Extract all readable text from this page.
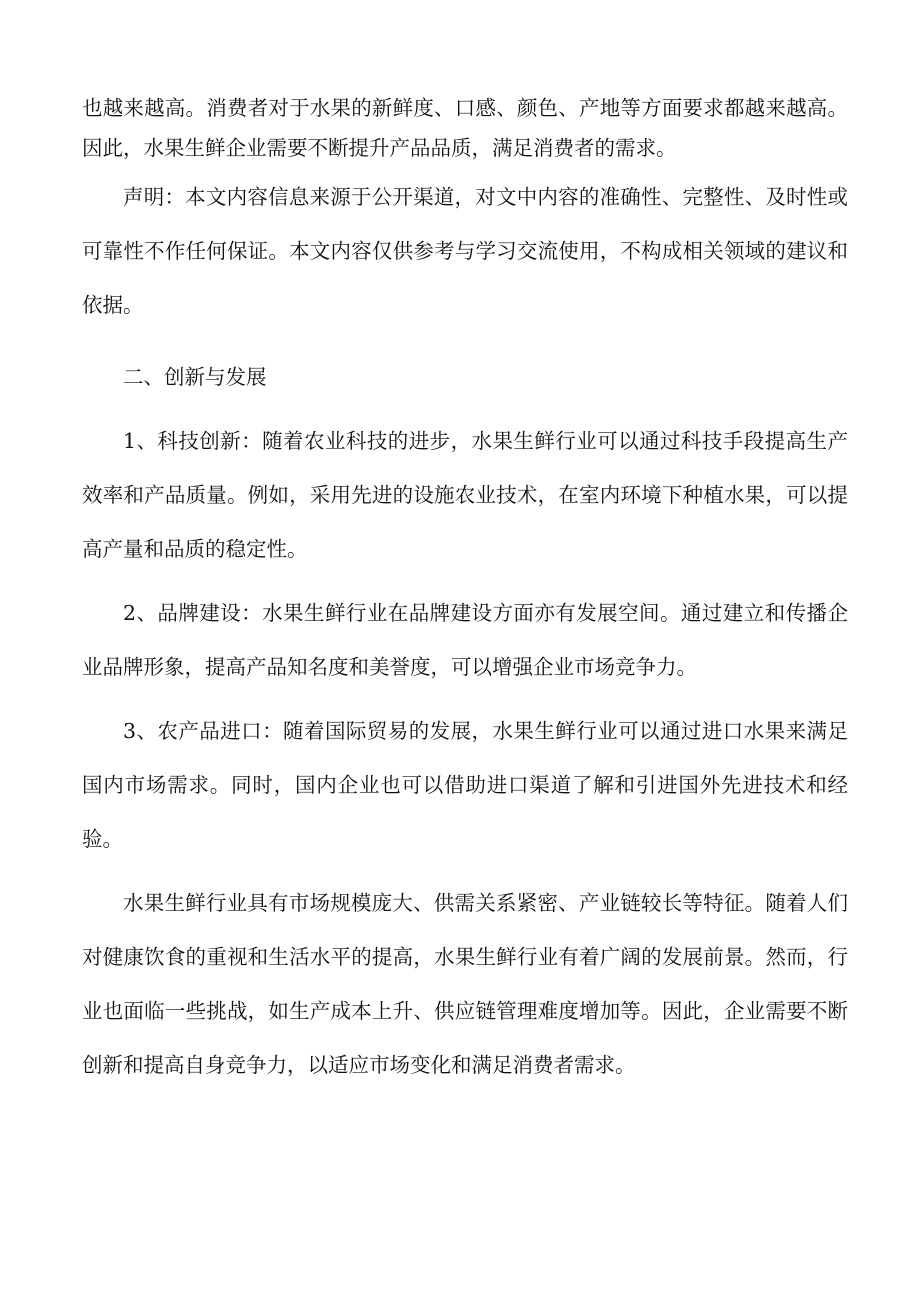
也越来越高。消费者对于水果的新鲜度、口感、颜色、产地等方面要求都越来越高。因此，水果生鲜企业需要不断提升产品品质，满足消费者的需求。

声明：本文内容信息来源于公开渠道，对文中内容的准确性、完整性、及时性或可靠性不作任何保证。本文内容仅供参考与学习交流使用，不构成相关领域的建议和依据。

二、创新与发展

1、科技创新：随着农业科技的进步，水果生鲜行业可以通过科技手段提高生产效率和产品质量。例如，采用先进的设施农业技术，在室内环境下种植水果，可以提高产量和品质的稳定性。

2、品牌建设：水果生鲜行业在品牌建设方面亦有发展空间。通过建立和传播企业品牌形象，提高产品知名度和美誉度，可以增强企业市场竞争力。

3、农产品进口：随着国际贸易的发展，水果生鲜行业可以通过进口水果来满足国内市场需求。同时，国内企业也可以借助进口渠道了解和引进国外先进技术和经验。

水果生鲜行业具有市场规模庞大、供需关系紧密、产业链较长等特征。随着人们对健康饮食的重视和生活水平的提高，水果生鲜行业有着广阔的发展前景。然而，行业也面临一些挑战，如生产成本上升、供应链管理难度增加等。因此，企业需要不断创新和提高自身竞争力，以适应市场变化和满足消费者需求。
